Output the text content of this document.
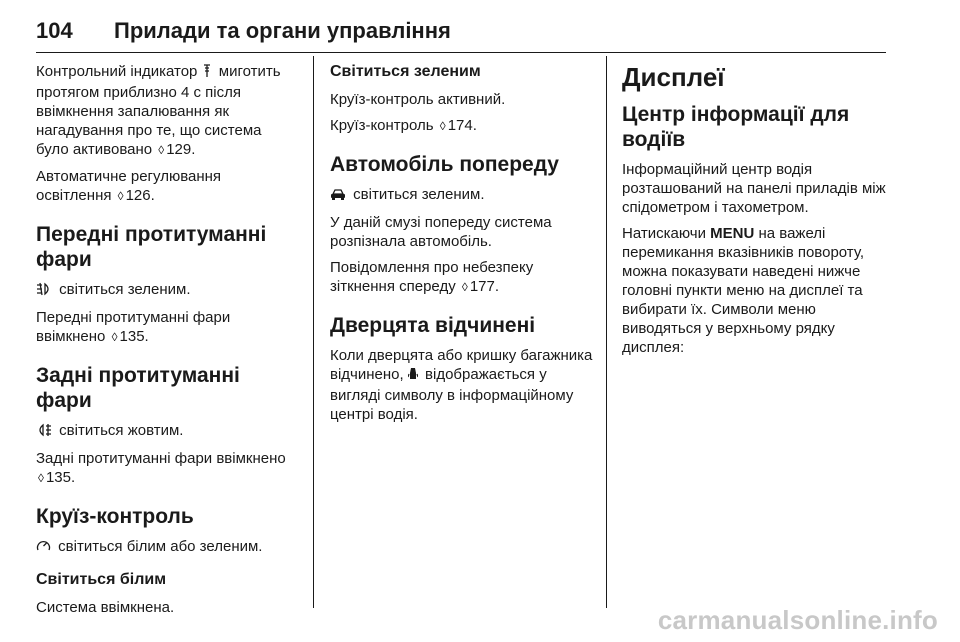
104	Прилади та органи управління

Контрольний індикатор миготить протягом приблизно 4 с після ввімкнення запалювання як нагадування про те, що система було активовано ◊ 129.

Автоматичне регулювання освітлення ◊ 126.

Передні протитуманні фари

світиться зеленим.

Передні протитуманні фари ввімкнено ◊ 135.

Задні протитуманні фари

світиться жовтим.

Задні протитуманні фари ввімкнено ◊ 135.

Круїз-контроль

світиться білим або зеленим.

Світиться білим

Система ввімкнена.

Світиться зеленим

Круїз-контроль активний.

Круїз-контроль ◊ 174.

Автомобіль попереду

світиться зеленим.

У даній смузі попереду система розпізнала автомобіль.

Повідомлення про небезпеку зіткнення спереду ◊ 177.

Дверцята відчинені

Коли дверцята або кришку багажника відчинено, відображається у вигляді символу в інформаційному центрі водія.

Дисплеї
Центр інформації для водіїв

Інформаційний центр водія розташований на панелі приладів між спідометром і тахометром.

Натискаючи MENU на важелі перемикання вказівників повороту, можна показувати наведені нижче головні пункти меню на дисплеї та вибирати їх. Символи меню виводяться у верхньому рядку дисплея:

carmanualsonline.info
